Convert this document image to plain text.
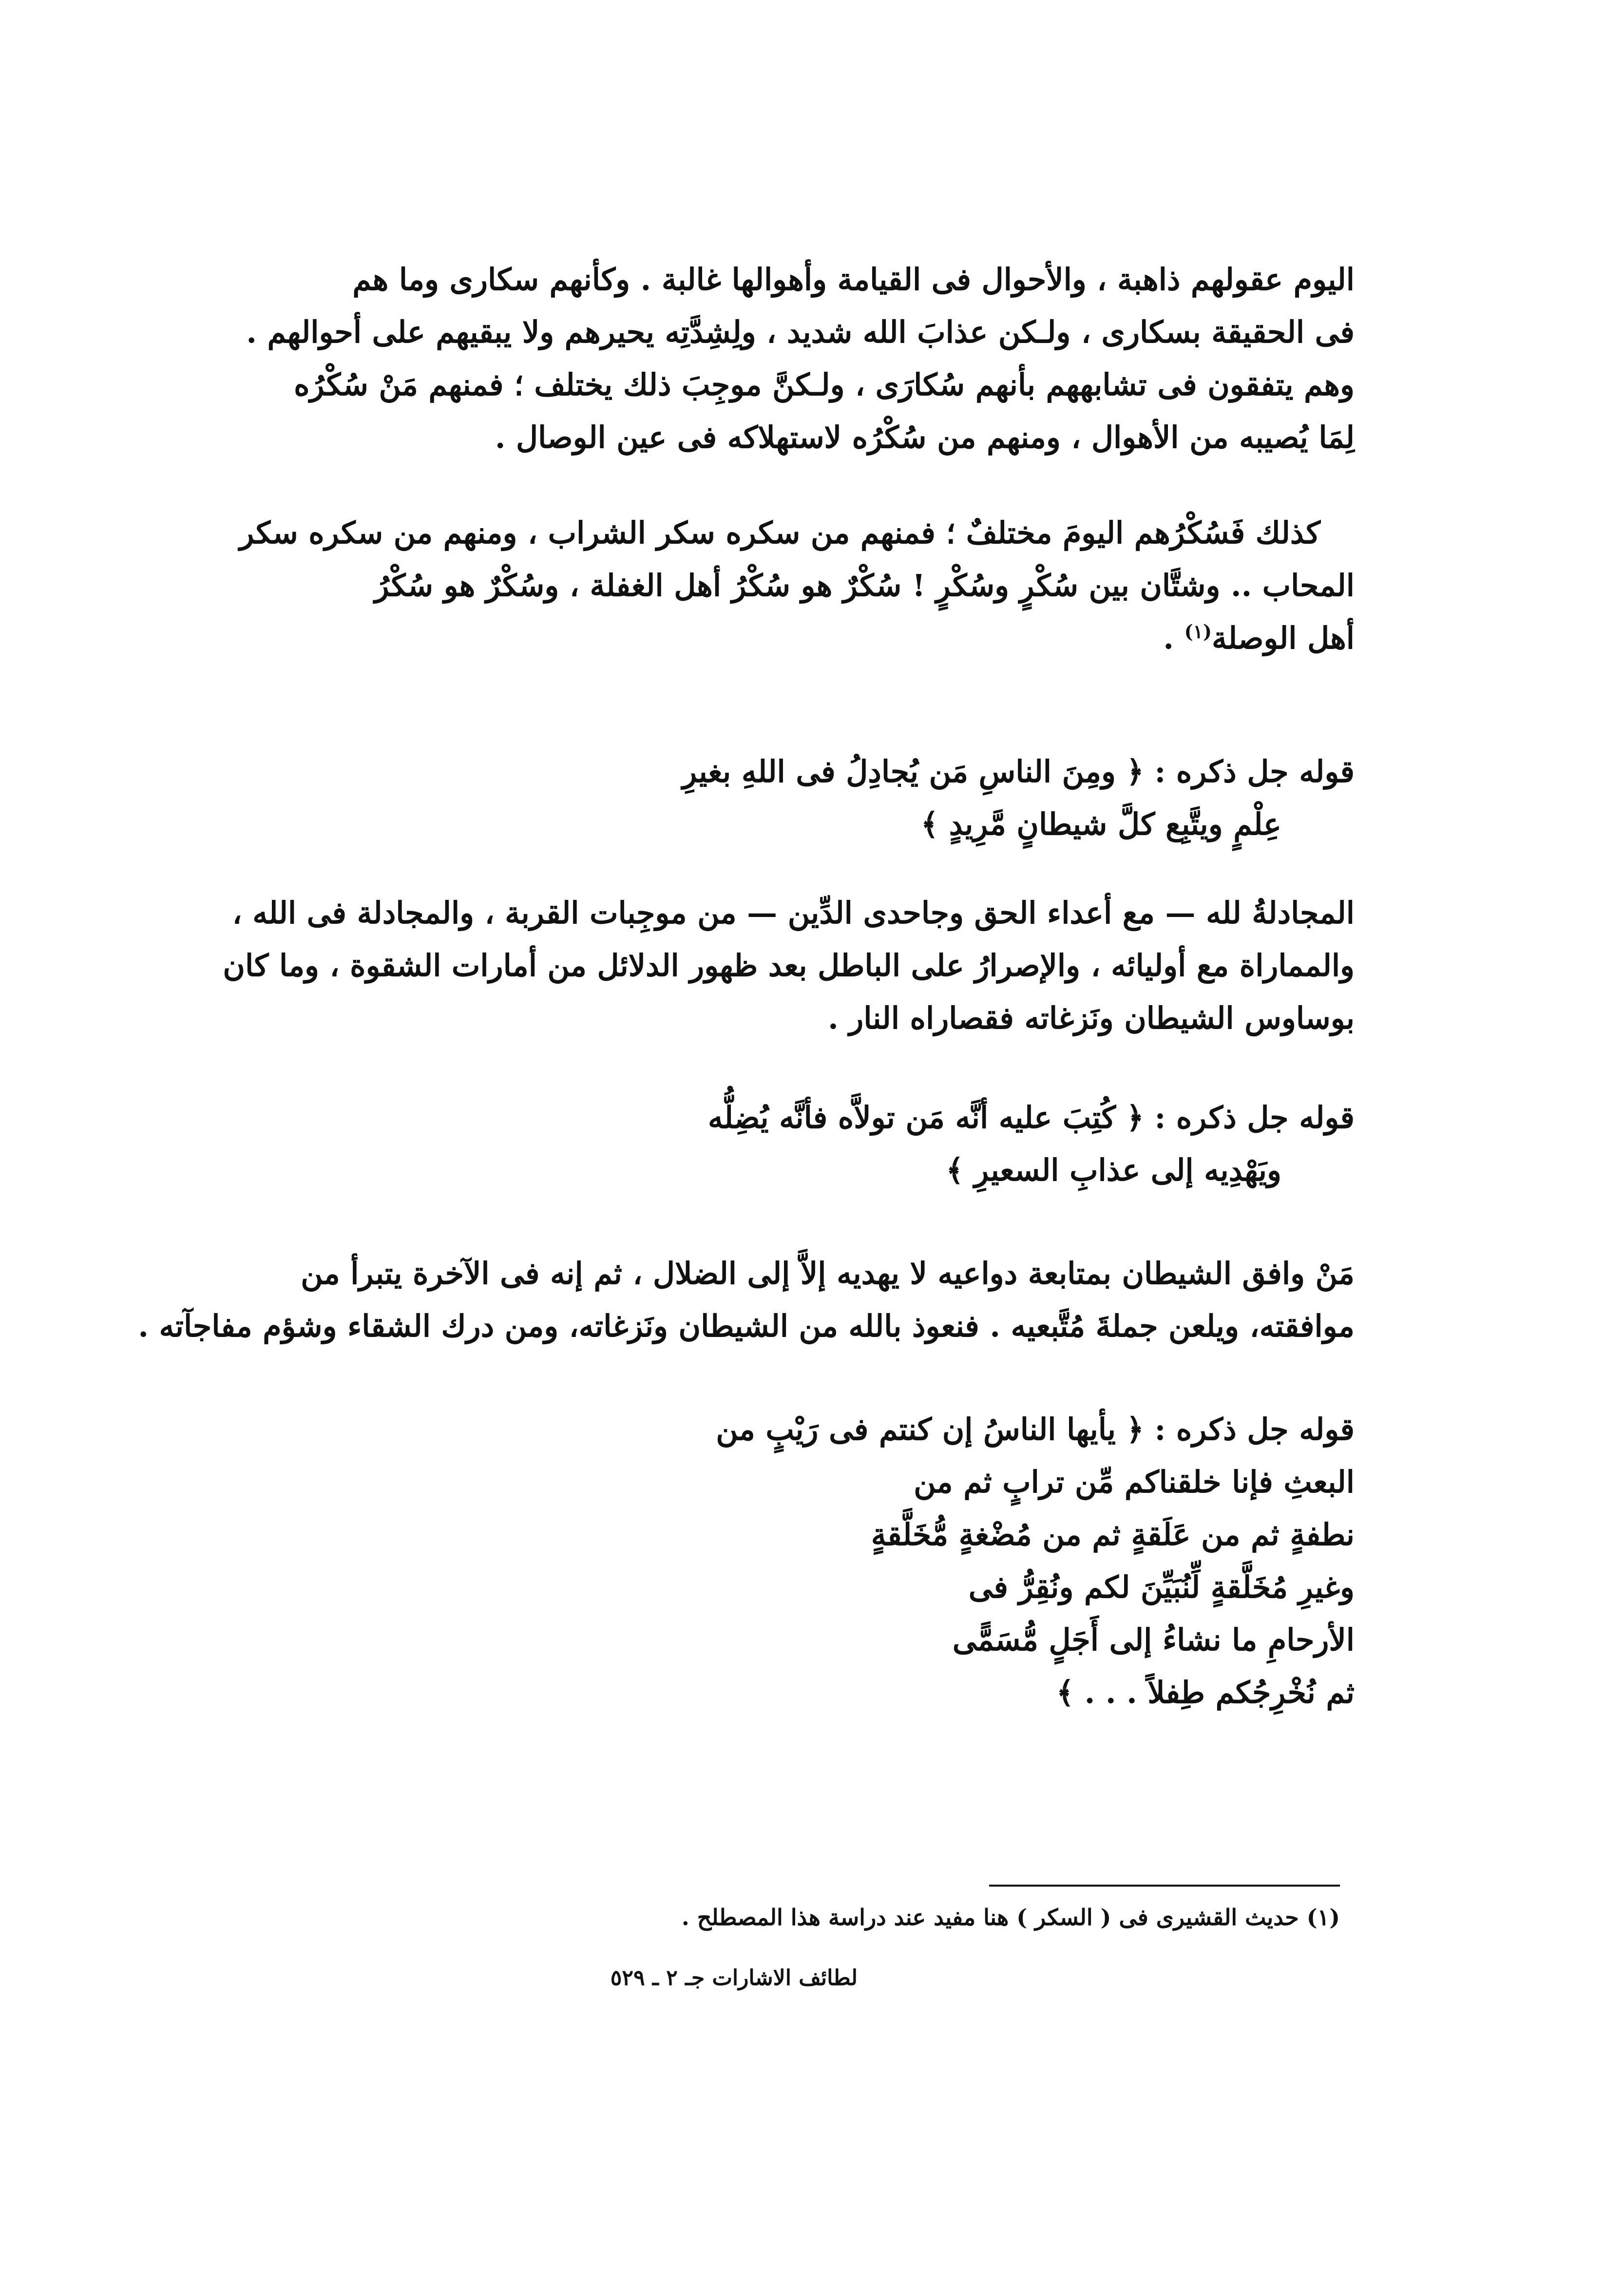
اليوم عقولهم ذاهبة ، والأحوال فى القيامة وأهوالها غالبة . وكأنهم سكارى وما هم
فى الحقيقة بسكارى ، ولـكن عذابَ الله شديد ، ولِشِدَّتِه يحيرهم ولا يبقيهم على أحوالهم .
وهم يتفقون فى تشابههم بأنهم سُكارَى ، ولـكنَّ موجِبَ ذلك يختلف ؛ فمنهم مَنْ سُكْرُه
لِمَا يُصيبه من الأهوال ، ومنهم من سُكْرُه لاستهلاكه فى عين الوصال .
كذلك فَسُكْرُهم اليومَ مختلفٌ ؛ فمنهم من سكره سكر الشراب ، ومنهم من سكره سكر
المحاب .. وشتَّان بين سُكْرٍ وسُكْرٍ ! سُكْرٌ هو سُكْرُ أهل الغفلة ، وسُكْرٌ هو سُكْرُ
أهل الوصلة$^{(١)}$ .
قوله جل ذكره : ﴿ ومِنَ الناسِ مَن يُجادِلُ فى اللهِ بغيرِ
عِلْمٍ ويتَّبِع كلَّ شيطانٍ مَّرِيدٍ ﴾
المجادلةُ لله — مع أعداء الحق وجاحدى الدِّين — من موجِبات القربة ، والمجادلة فى الله ،
والمماراة مع أوليائه ، والإصرارُ على الباطل بعد ظهور الدلائل من أمارات الشقوة ، وما كان
بوساوس الشيطان ونَزغاته فقصاراه النار .
قوله جل ذكره : ﴿ كُتِبَ عليه أنَّه مَن تولاَّه فأنَّه يُضِلُّه
ويَهْدِيه إلى عذابِ السعيرِ ﴾
مَنْ وافق الشيطان بمتابعة دواعيه لا يهديه إلاَّ إلى الضلال ، ثم إنه فى الآخرة يتبرأ من
موافقته، ويلعن جملةَ مُتَّبعيه . فنعوذ بالله من الشيطان ونَزغاته، ومن درك الشقاء وشؤم مفاجآته .
قوله جل ذكره : ﴿ يأيها الناسُ إن كنتم فى رَيْبٍ من
البعثِ فإنا خلقناكم مِّن ترابٍ ثم من
نطفةٍ ثم من عَلَقةٍ ثم من مُضْغةٍ مُّخَلَّقةٍ
وغيرِ مُخَلَّقةٍ لِّنُبَيِّنَ لكم ونُقِرُّ فى
الأرحامِ ما نشاءُ إلى أَجَلٍ مُّسَمًّى
ثم نُخْرِجُكم طِفلاً . . . ﴾
(١) حديث القشيرى فى ( السكر ) هنا مفيد عند دراسة هذا المصطلح .
لطائف الاشارات جـ ٢ ـ ٥٢٩
